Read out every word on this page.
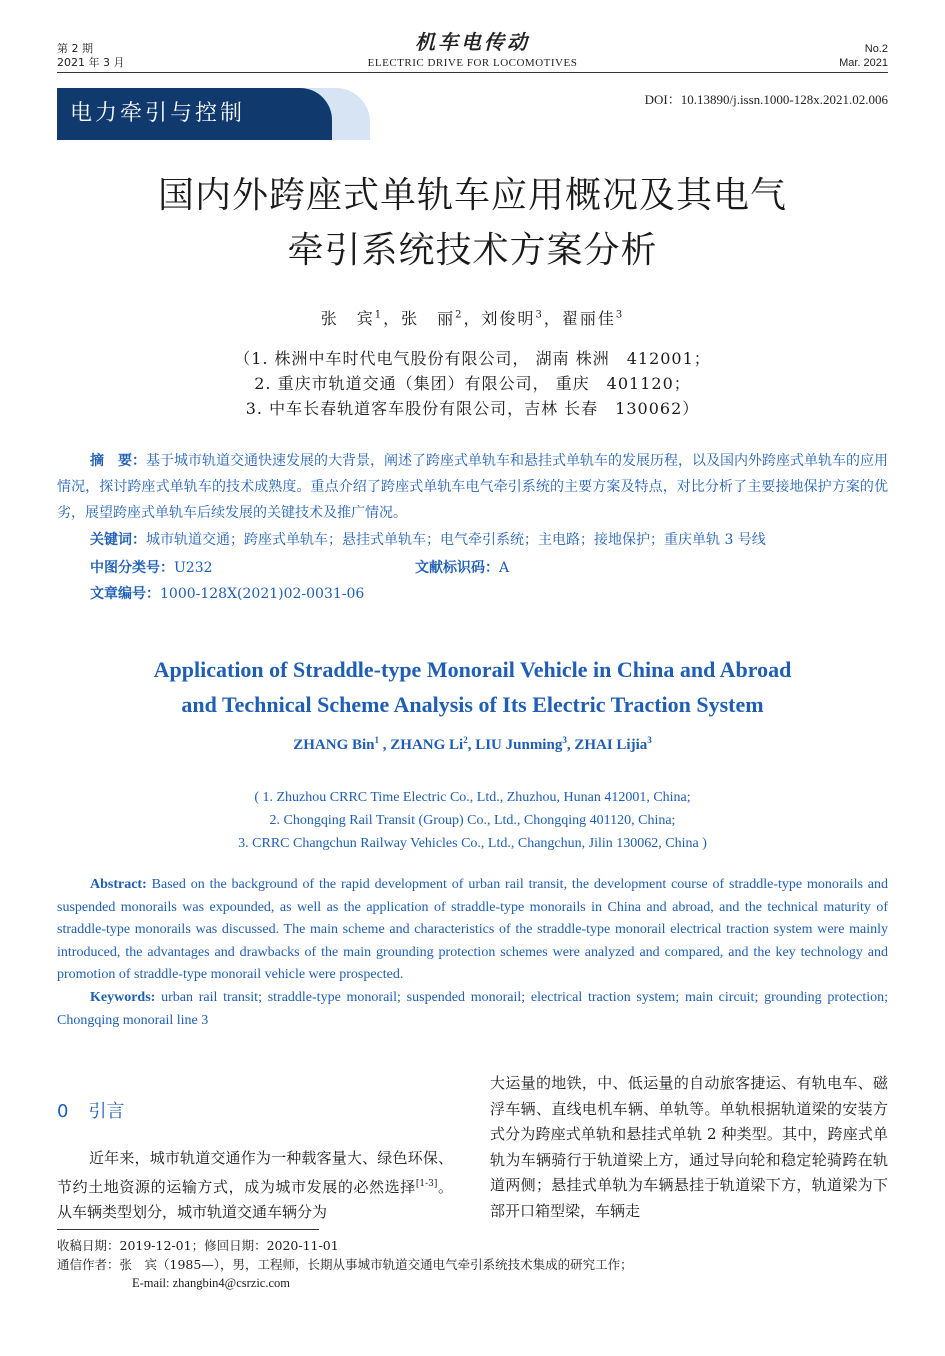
第 2 期
2021 年 3 月
机车电传动
ELECTRIC DRIVE FOR LOCOMOTIVES
No.2
Mar. 2021
电力牵引与控制
DOI：10.13890/j.issn.1000-128x.2021.02.006
国内外跨座式单轨车应用概况及其电气
牵引系统技术方案分析
张　宾$^1$，张　丽$^2$，刘俊明$^3$，翟丽佳$^3$
（1. 株洲中车时代电气股份有限公司， 湖南 株洲　412001；
2. 重庆市轨道交通（集团）有限公司， 重庆　401120；
3. 中车长春轨道客车股份有限公司，吉林 长春　130062）
摘　要：基于城市轨道交通快速发展的大背景，阐述了跨座式单轨车和悬挂式单轨车的发展历程，以及国内外跨座式单轨车的应用情况，探讨跨座式单轨车的技术成熟度。重点介绍了跨座式单轨车电气牵引系统的主要方案及特点，对比分析了主要接地保护方案的优劣，展望跨座式单轨车后续发展的关键技术及推广情况。
关键词：城市轨道交通；跨座式单轨车；悬挂式单轨车；电气牵引系统；主电路；接地保护；重庆单轨 3 号线
中图分类号：U232	文献标识码：A
文章编号：1000-128X(2021)02-0031-06
Application of Straddle-type Monorail Vehicle in China and Abroad
and Technical Scheme Analysis of Its Electric Traction System
ZHANG Bin$^1$ , ZHANG Li$^2$, LIU Junming$^3$, ZHAI Lijia$^3$
( 1. Zhuzhou CRRC Time Electric Co., Ltd., Zhuzhou, Hunan 412001, China;
2. Chongqing Rail Transit (Group) Co., Ltd., Chongqing 401120, China;
3. CRRC Changchun Railway Vehicles Co., Ltd., Changchun, Jilin 130062, China )
Abstract: Based on the background of the rapid development of urban rail transit, the development course of straddle-type monorails and suspended monorails was expounded, as well as the application of straddle-type monorails in China and abroad, and the technical maturity of straddle-type monorails was discussed. The main scheme and characteristics of the straddle-type monorail electrical traction system were mainly introduced, the advantages and drawbacks of the main grounding protection schemes were analyzed and compared, and the key technology and promotion of straddle-type monorail vehicle were prospected.
Keywords: urban rail transit; straddle-type monorail; suspended monorail; electrical traction system; main circuit; grounding protection; Chongqing monorail line 3
0 引言
近年来，城市轨道交通作为一种载客量大、绿色环保、节约土地资源的运输方式，成为城市发展的必然选择[1-3]。从车辆类型划分，城市轨道交通车辆分为
大运量的地铁，中、低运量的自动旅客捷运、有轨电车、磁浮车辆、直线电机车辆、单轨等。单轨根据轨道梁的安装方式分为跨座式单轨和悬挂式单轨 2 种类型。其中，跨座式单轨为车辆骑行于轨道梁上方，通过导向轮和稳定轮骑跨在轨道两侧；悬挂式单轨为车辆悬挂于轨道梁下方，轨道梁为下部开口箱型梁，车辆走
收稿日期：2019-12-01；修回日期：2020-11-01
通信作者：张　宾（1985—），男，工程师，长期从事城市轨道交通电气牵引系统技术集成的研究工作；
E-mail: zhangbin4@csrzic.com
